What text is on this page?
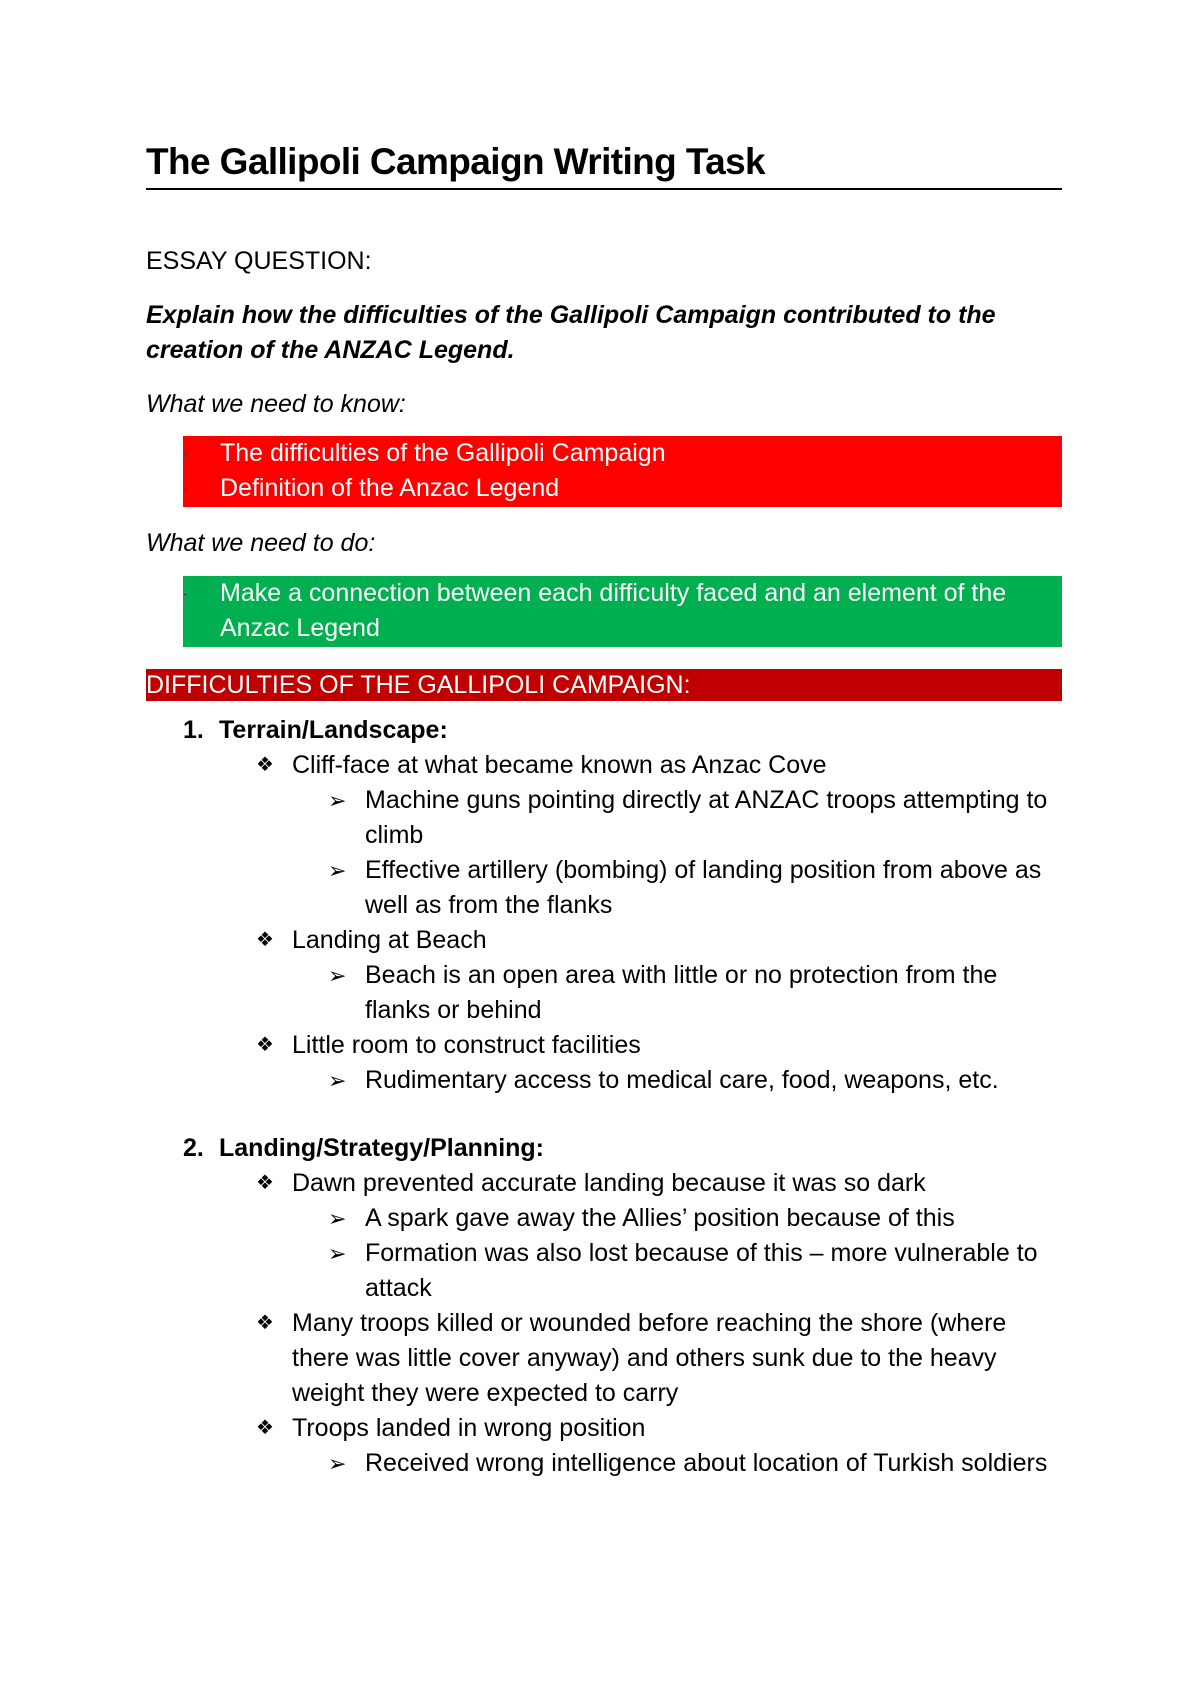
The Gallipoli Campaign Writing Task
ESSAY QUESTION:
Explain how the difficulties of the Gallipoli Campaign contributed to the creation of the ANZAC Legend.
What we need to know:
-	The difficulties of the Gallipoli Campaign
-	Definition of the Anzac Legend
What we need to do:
-	Make a connection between each difficulty faced and an element of the Anzac Legend
DIFFICULTIES OF THE GALLIPOLI CAMPAIGN:
1. Terrain/Landscape:
❖ Cliff-face at what became known as Anzac Cove
➢ Machine guns pointing directly at ANZAC troops attempting to climb
➢ Effective artillery (bombing) of landing position from above as well as from the flanks
❖ Landing at Beach
➢ Beach is an open area with little or no protection from the flanks or behind
❖ Little room to construct facilities
➢ Rudimentary access to medical care, food, weapons, etc.
2. Landing/Strategy/Planning:
❖ Dawn prevented accurate landing because it was so dark
➢ A spark gave away the Allies’ position because of this
➢ Formation was also lost because of this – more vulnerable to attack
❖ Many troops killed or wounded before reaching the shore (where there was little cover anyway) and others sunk due to the heavy weight they were expected to carry
❖ Troops landed in wrong position
➢ Received wrong intelligence about location of Turkish soldiers
